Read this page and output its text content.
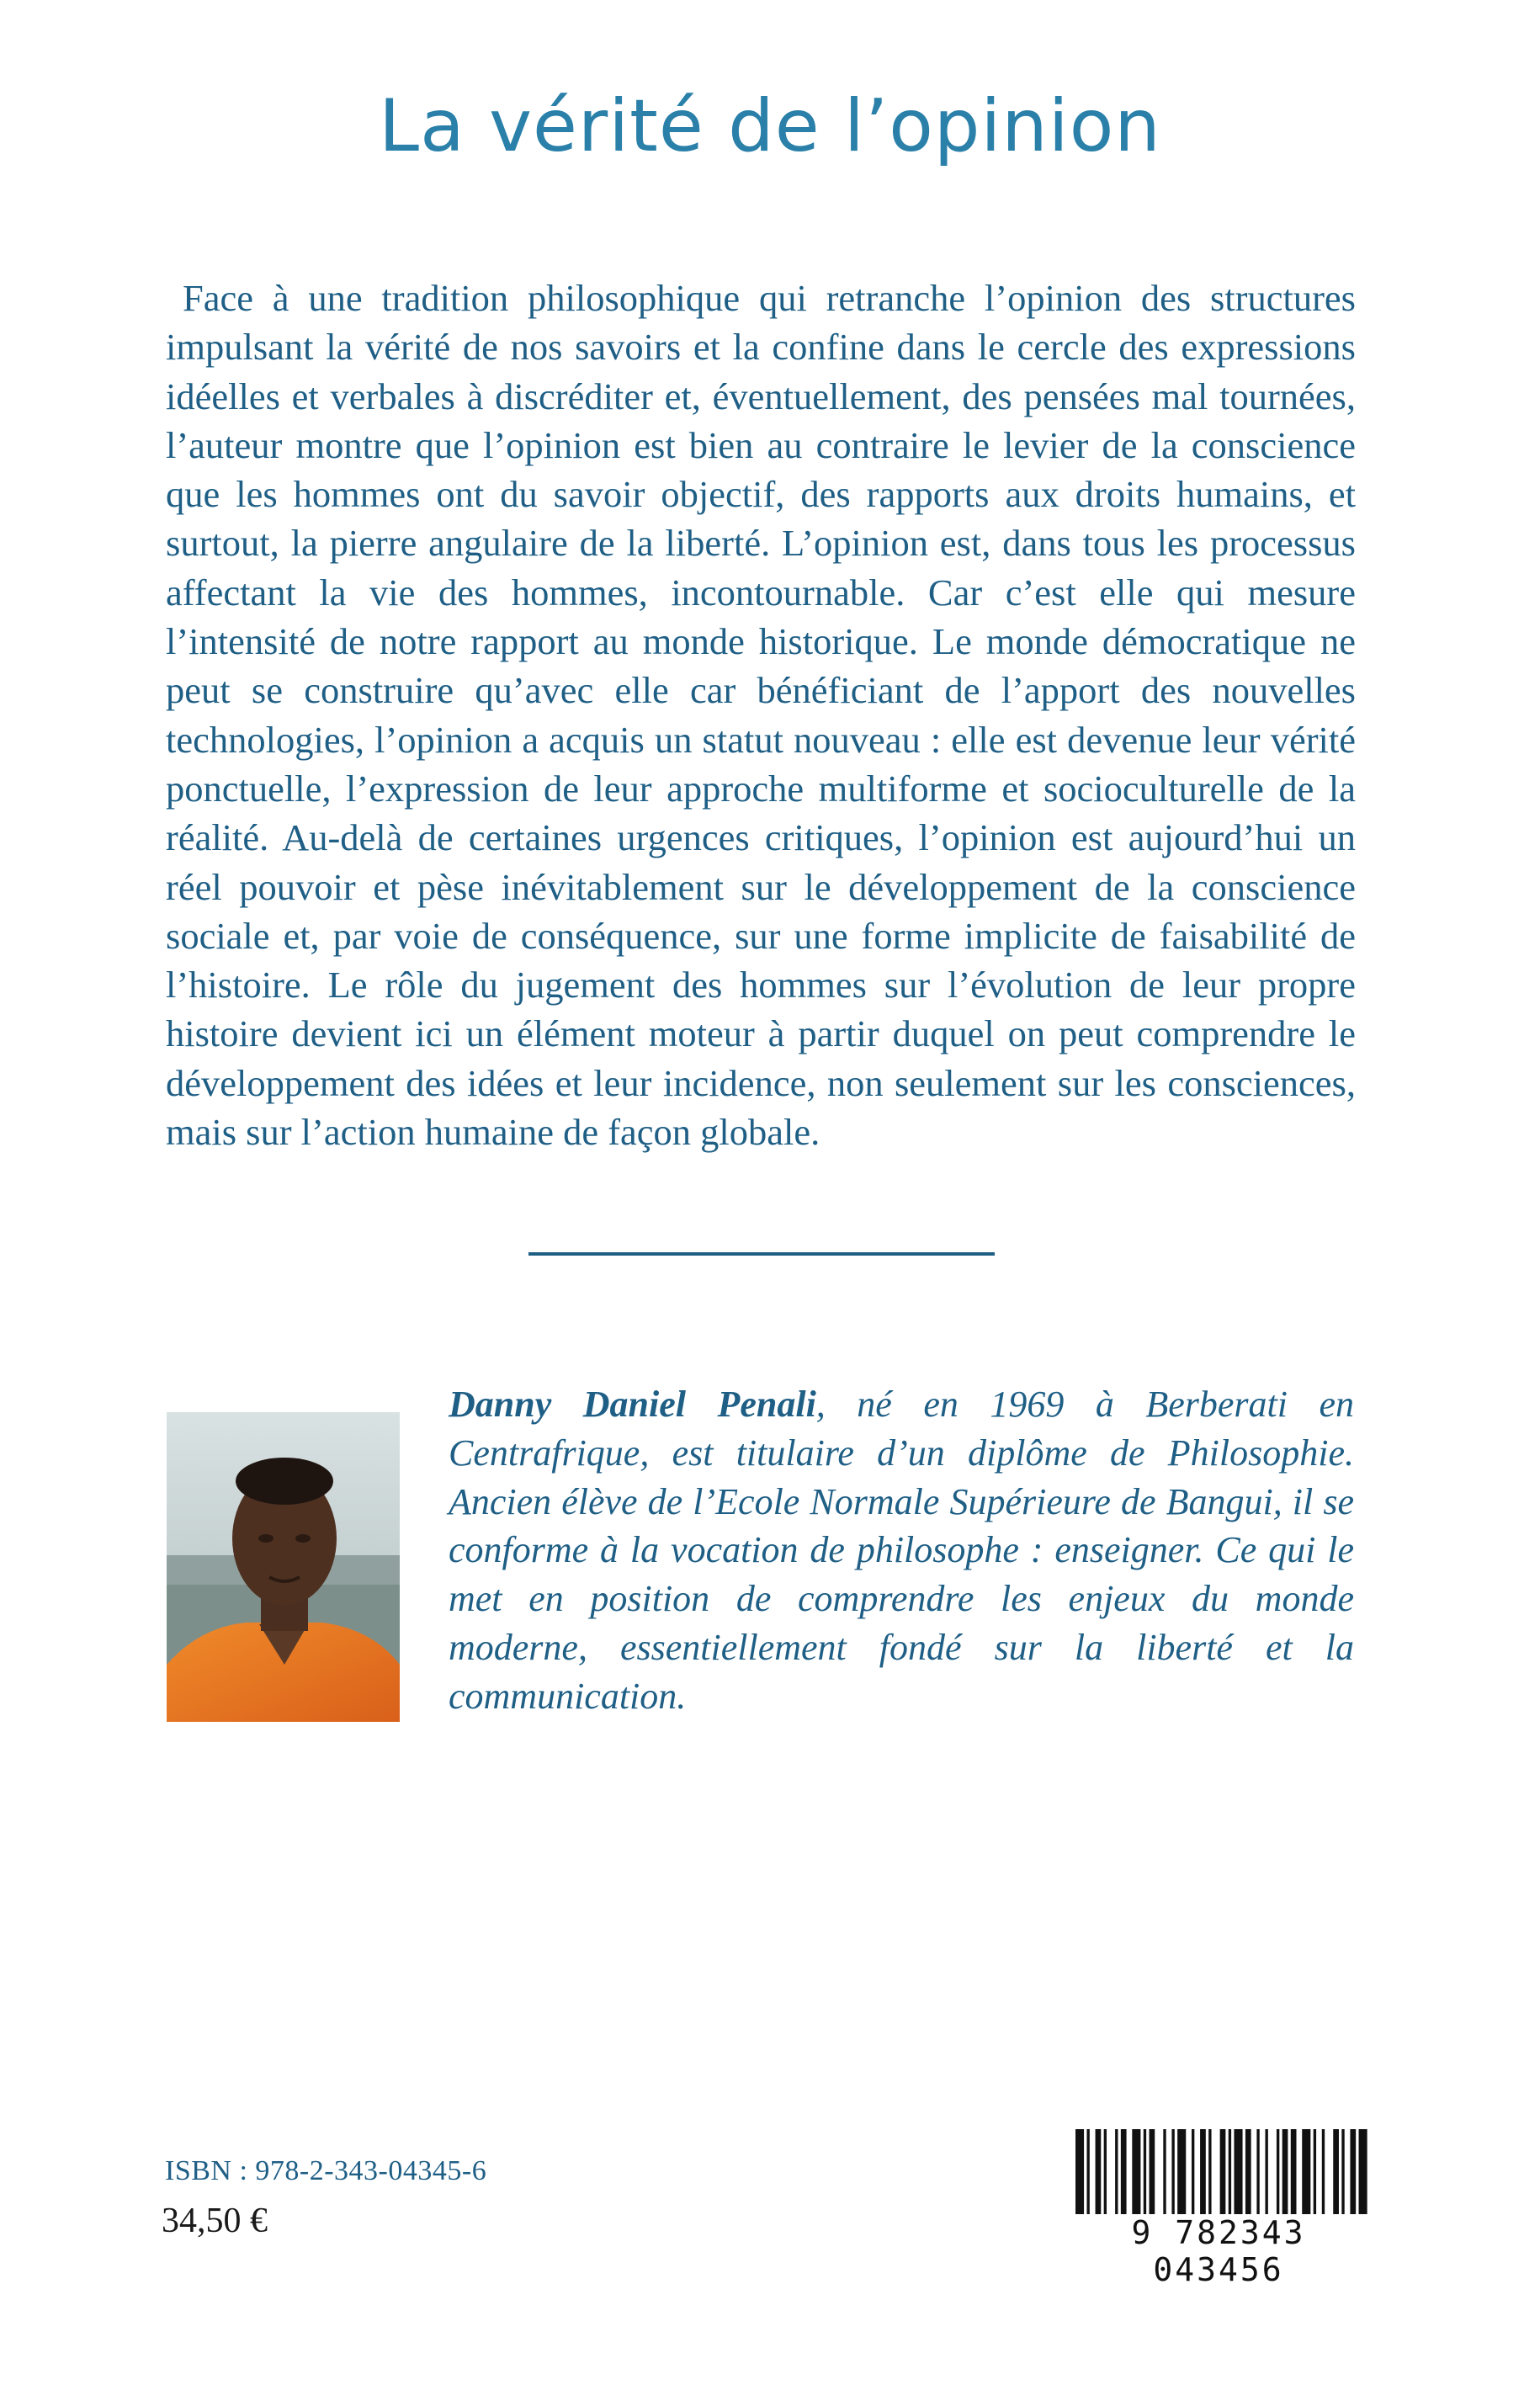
La vérité de l’opinion

Face à une tradition philosophique qui retranche l’opinion des structures impulsant la vérité de nos savoirs et la confine dans le cercle des expressions idéelles et verbales à discréditer et, éventuellement, des pensées mal tournées, l’auteur montre que l’opinion est bien au contraire le levier de la conscience que les hommes ont du savoir objectif, des rapports aux droits humains, et surtout, la pierre angulaire de la liberté. L’opinion est, dans tous les processus affectant la vie des hommes, incontournable. Car c’est elle qui mesure l’intensité de notre rapport au monde historique. Le monde démocratique ne peut se construire qu’avec elle car bénéficiant de l’apport des nouvelles technologies, l’opinion a acquis un statut nouveau : elle est devenue leur vérité ponctuelle, l’expression de leur approche multiforme et socioculturelle de la réalité. Au-delà de certaines urgences critiques, l’opinion est aujourd’hui un réel pouvoir et pèse inévitablement sur le développement de la conscience sociale et, par voie de conséquence, sur une forme implicite de faisabilité de l’histoire. Le rôle du jugement des hommes sur l’évolution de leur propre histoire devient ici un élément moteur à partir duquel on peut comprendre le développement des idées et leur incidence, non seulement sur les consciences, mais sur l’action humaine de façon globale.

Danny Daniel Penali, né en 1969 à Berberati en Centrafrique, est titulaire d’un diplôme de Philosophie. Ancien élève de l’Ecole Normale Supérieure de Bangui, il se conforme à la vocation de philosophe : enseigner. Ce qui le met en position de comprendre les enjeux du monde moderne, essentiellement fondé sur la liberté et la communication.

ISBN : 978-2-343-04345-6
34,50 €	9 782343 043456
